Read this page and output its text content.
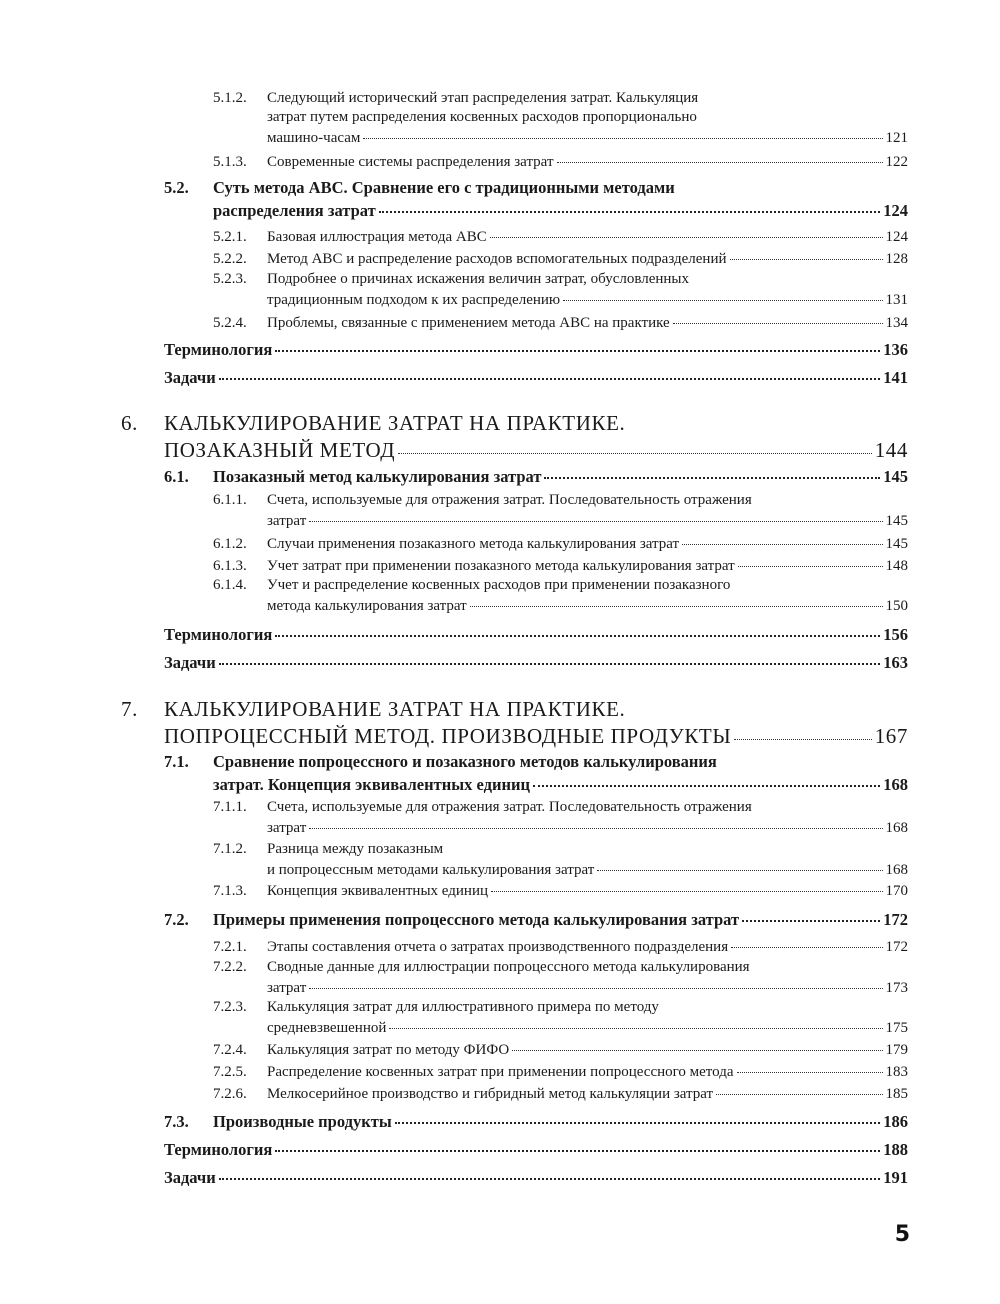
5
5.1.2.	Следующий исторический этап распределения затрат. Калькуляция
затрат путем распределения косвенных расходов пропорционально
машино-часам	121
5.1.3.	Современные системы распределения затрат	122
5.2.	Суть метода ABC. Сравнение его с традиционными методами
распределения затрат	124
5.2.1.	Базовая иллюстрация метода ABC	124
5.2.2.	Метод ABC и распределение расходов вспомогательных подразделений	128
5.2.3.	Подробнее о причинах искажения величин затрат, обусловленных
традиционным подходом к их распределению	131
5.2.4.	Проблемы, связанные с применением метода ABC на практике	134
Терминология	136
Задачи	141
6.	КАЛЬКУЛИРОВАНИЕ ЗАТРАТ НА ПРАКТИКЕ.
ПОЗАКАЗНЫЙ МЕТОД	144
6.1.	Позаказный метод калькулирования затрат	145
6.1.1.	Счета, используемые для отражения затрат. Последовательность отражения
затрат	145
6.1.2.	Случаи применения позаказного метода калькулирования затрат	145
6.1.3.	Учет затрат при применении позаказного метода калькулирования затрат	148
6.1.4.	Учет и распределение косвенных расходов при применении позаказного
метода калькулирования затрат	150
Терминология	156
Задачи	163
7.	КАЛЬКУЛИРОВАНИЕ ЗАТРАТ НА ПРАКТИКЕ.
ПОПРОЦЕССНЫЙ МЕТОД. ПРОИЗВОДНЫЕ ПРОДУКТЫ	167
7.1.	Сравнение попроцессного и позаказного методов калькулирования
затрат. Концепция эквивалентных единиц	168
7.1.1.	Счета, используемые для отражения затрат. Последовательность отражения
затрат	168
7.1.2.	Разница между позаказным
и попроцессным методами калькулирования затрат	168
7.1.3.	Концепция эквивалентных единиц	170
7.2.	Примеры применения попроцессного метода калькулирования затрат	172
7.2.1.	Этапы составления отчета о затратах производственного подразделения	172
7.2.2.	Сводные данные для иллюстрации попроцессного метода калькулирования
затрат	173
7.2.3.	Калькуляция затрат для иллюстративного примера по методу
средневзвешенной	175
7.2.4.	Калькуляция затрат по методу ФИФО	179
7.2.5.	Распределение косвенных затрат при применении попроцессного метода	183
7.2.6.	Мелкосерийное производство и гибридный метод калькуляции затрат	185
7.3.	Производные продукты	186
Терминология	188
Задачи	191
